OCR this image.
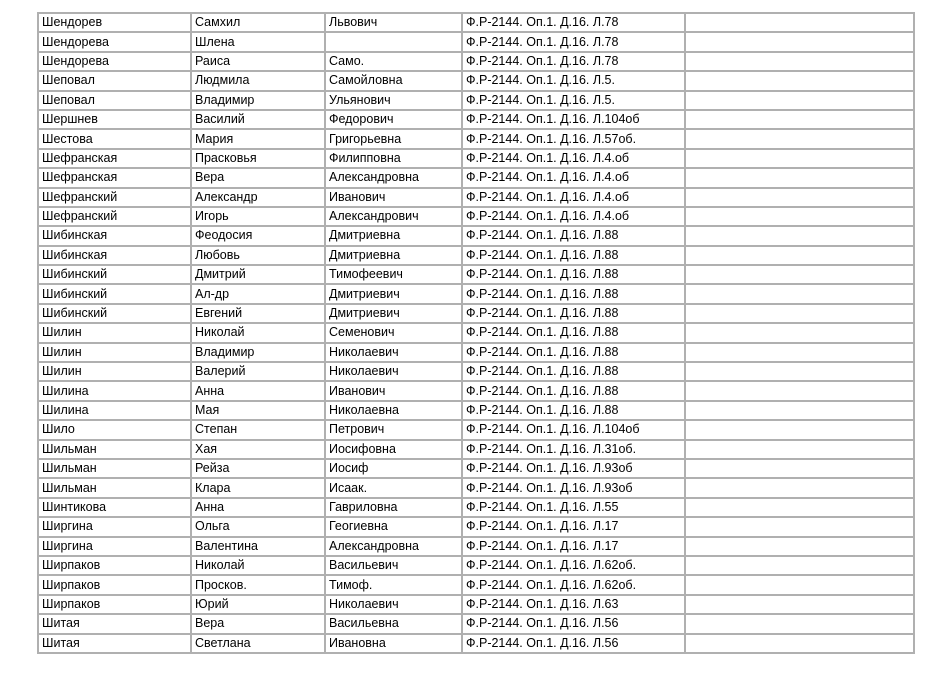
Шендорев	Самхил	Львович	Ф.Р-2144. Оп.1. Д.16. Л.78	
Шендорева	Шлена		Ф.Р-2144. Оп.1. Д.16. Л.78	
Шендорева	Раиса	Само.	Ф.Р-2144. Оп.1. Д.16. Л.78	
Шеповал	Людмила	Самойловна	Ф.Р-2144. Оп.1. Д.16. Л.5.	
Шеповал	Владимир	Ульянович	Ф.Р-2144. Оп.1. Д.16. Л.5.	
Шершнев	Василий	Федорович	Ф.Р-2144. Оп.1. Д.16. Л.104об	
Шестова	Мария	Григорьевна	Ф.Р-2144. Оп.1. Д.16. Л.57об.	
Шефранская	Прасковья	Филипповна	Ф.Р-2144. Оп.1. Д.16. Л.4.об	
Шефранская	Вера	Александровна	Ф.Р-2144. Оп.1. Д.16. Л.4.об	
Шефранский	Александр	Иванович	Ф.Р-2144. Оп.1. Д.16. Л.4.об	
Шефранский	Игорь	Александрович	Ф.Р-2144. Оп.1. Д.16. Л.4.об	
Шибинская	Феодосия	Дмитриевна	Ф.Р-2144. Оп.1. Д.16. Л.88	
Шибинская	Любовь	Дмитриевна	Ф.Р-2144. Оп.1. Д.16. Л.88	
Шибинский	Дмитрий	Тимофеевич	Ф.Р-2144. Оп.1. Д.16. Л.88	
Шибинский	Ал-др	Дмитриевич	Ф.Р-2144. Оп.1. Д.16. Л.88	
Шибинский	Евгений	Дмитриевич	Ф.Р-2144. Оп.1. Д.16. Л.88	
Шилин	Николай	Семенович	Ф.Р-2144. Оп.1. Д.16. Л.88	
Шилин	Владимир	Николаевич	Ф.Р-2144. Оп.1. Д.16. Л.88	
Шилин	Валерий	Николаевич	Ф.Р-2144. Оп.1. Д.16. Л.88	
Шилина	Анна	Иванович	Ф.Р-2144. Оп.1. Д.16. Л.88	
Шилина	Мая	Николаевна	Ф.Р-2144. Оп.1. Д.16. Л.88	
Шило	Степан	Петрович	Ф.Р-2144. Оп.1. Д.16. Л.104об	
Шильман	Хая	Иосифовна	Ф.Р-2144. Оп.1. Д.16. Л.31об.	
Шильман	Рейза	Иосиф	Ф.Р-2144. Оп.1. Д.16. Л.93об	
Шильман	Клара	Исаак.	Ф.Р-2144. Оп.1. Д.16. Л.93об	
Шинтикова	Анна	Гавриловна	Ф.Р-2144. Оп.1. Д.16. Л.55	
Ширгина	Ольга	Геогиевна	Ф.Р-2144. Оп.1. Д.16. Л.17	
Ширгина	Валентина	Александровна	Ф.Р-2144. Оп.1. Д.16. Л.17	
Ширпаков	Николай	Васильевич	Ф.Р-2144. Оп.1. Д.16. Л.62об.	
Ширпаков	Просков.	Тимоф.	Ф.Р-2144. Оп.1. Д.16. Л.62об.	
Ширпаков	Юрий	Николаевич	Ф.Р-2144. Оп.1. Д.16. Л.63	
Шитая	Вера	Васильевна	Ф.Р-2144. Оп.1. Д.16. Л.56	
Шитая	Светлана	Ивановна	Ф.Р-2144. Оп.1. Д.16. Л.56	
